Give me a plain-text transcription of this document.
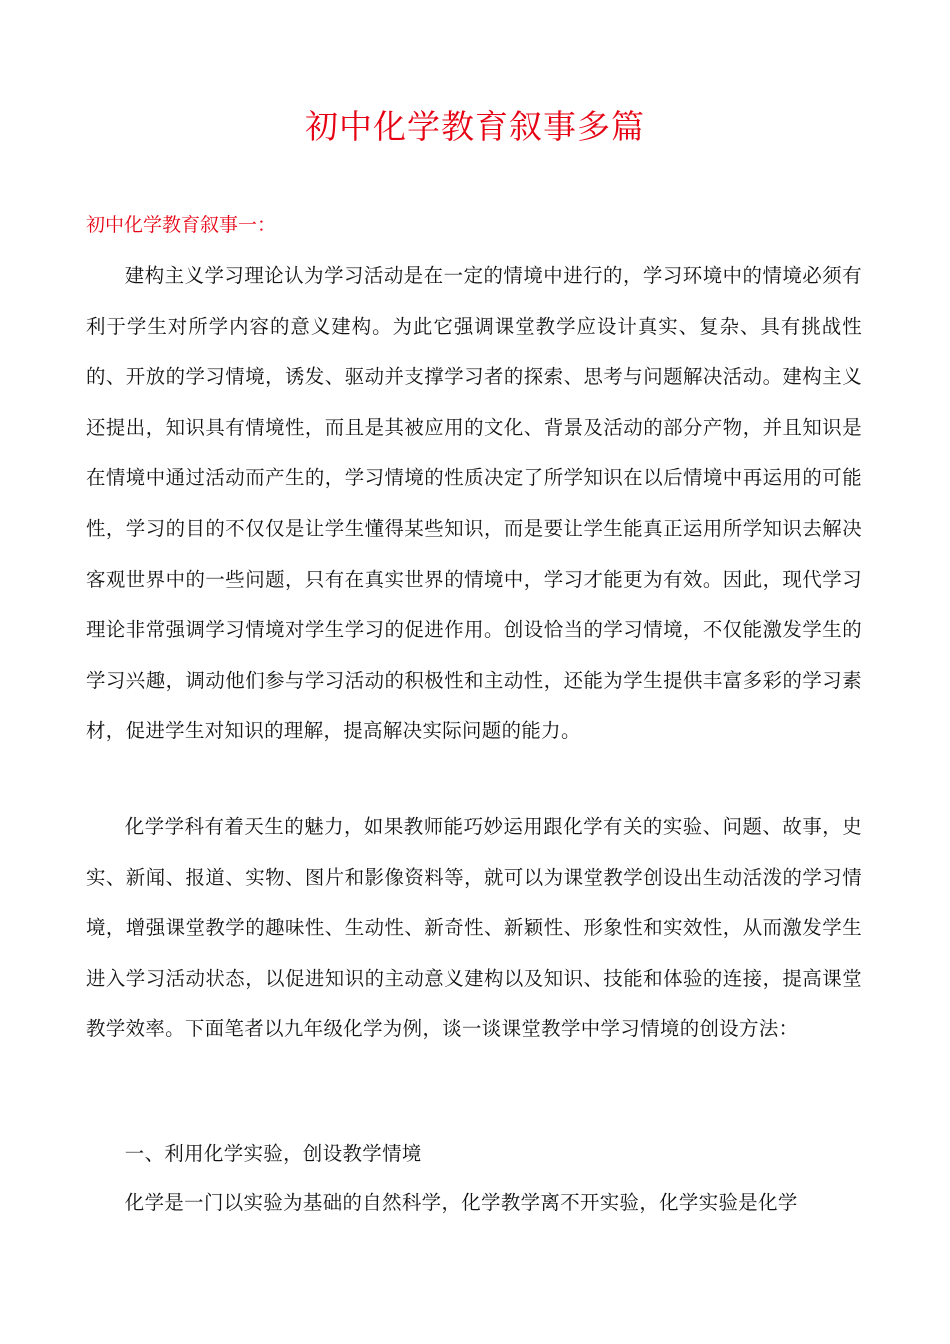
初中化学教育叙事多篇
初中化学教育叙事一：

建构主义学习理论认为学习活动是在一定的情境中进行的，学习环境中的情境必须有利于学生对所学内容的意义建构。为此它强调课堂教学应设计真实、复杂、具有挑战性的、开放的学习情境，诱发、驱动并支撑学习者的探索、思考与问题解决活动。建构主义还提出，知识具有情境性，而且是其被应用的文化、背景及活动的部分产物，并且知识是在情境中通过活动而产生的，学习情境的性质决定了所学知识在以后情境中再运用的可能性，学习的目的不仅仅是让学生懂得某些知识，而是要让学生能真正运用所学知识去解决客观世界中的一些问题，只有在真实世界的情境中，学习才能更为有效。因此，现代学习理论非常强调学习情境对学生学习的促进作用。创设恰当的学习情境，不仅能激发学生的学习兴趣，调动他们参与学习活动的积极性和主动性，还能为学生提供丰富多彩的学习素材，促进学生对知识的理解，提高解决实际问题的能力。

化学学科有着天生的魅力，如果教师能巧妙运用跟化学有关的实验、问题、故事，史实、新闻、报道、实物、图片和影像资料等，就可以为课堂教学创设出生动活泼的学习情境，增强课堂教学的趣味性、生动性、新奇性、新颖性、形象性和实效性，从而激发学生进入学习活动状态，以促进知识的主动意义建构以及知识、技能和体验的连接，提高课堂教学效率。下面笔者以九年级化学为例，谈一谈课堂教学中学习情境的创设方法：

一、利用化学实验，创设教学情境

化学是一门以实验为基础的自然科学，化学教学离不开实验，化学实验是化学
